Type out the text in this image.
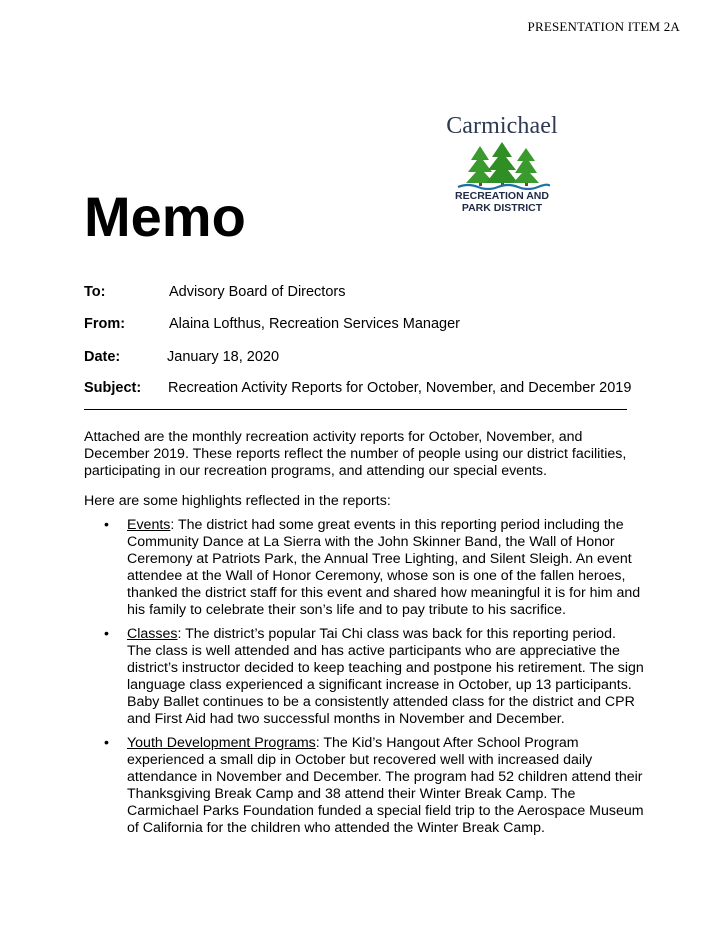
PRESENTATION ITEM 2A
Carmichael
RECREATION AND
PARK DISTRICT
Memo
To:	Advisory Board of Directors
From:	Alaina Lofthus, Recreation Services Manager
Date:	January 18, 2020
Subject: Recreation Activity Reports for October, November, and December 2019
Attached are the monthly recreation activity reports for October, November, and December 2019. These reports reflect the number of people using our district facilities, participating in our recreation programs, and attending our special events.
Here are some highlights reflected in the reports:
• Events: The district had some great events in this reporting period including the Community Dance at La Sierra with the John Skinner Band, the Wall of Honor Ceremony at Patriots Park, the Annual Tree Lighting, and Silent Sleigh. An event attendee at the Wall of Honor Ceremony, whose son is one of the fallen heroes, thanked the district staff for this event and shared how meaningful it is for him and his family to celebrate their son’s life and to pay tribute to his sacrifice.
• Classes: The district’s popular Tai Chi class was back for this reporting period. The class is well attended and has active participants who are appreciative the district’s instructor decided to keep teaching and postpone his retirement. The sign language class experienced a significant increase in October, up 13 participants. Baby Ballet continues to be a consistently attended class for the district and CPR and First Aid had two successful months in November and December.
• Youth Development Programs: The Kid’s Hangout After School Program experienced a small dip in October but recovered well with increased daily attendance in November and December. The program had 52 children attend their Thanksgiving Break Camp and 38 attend their Winter Break Camp. The Carmichael Parks Foundation funded a special field trip to the Aerospace Museum of California for the children who attended the Winter Break Camp.
